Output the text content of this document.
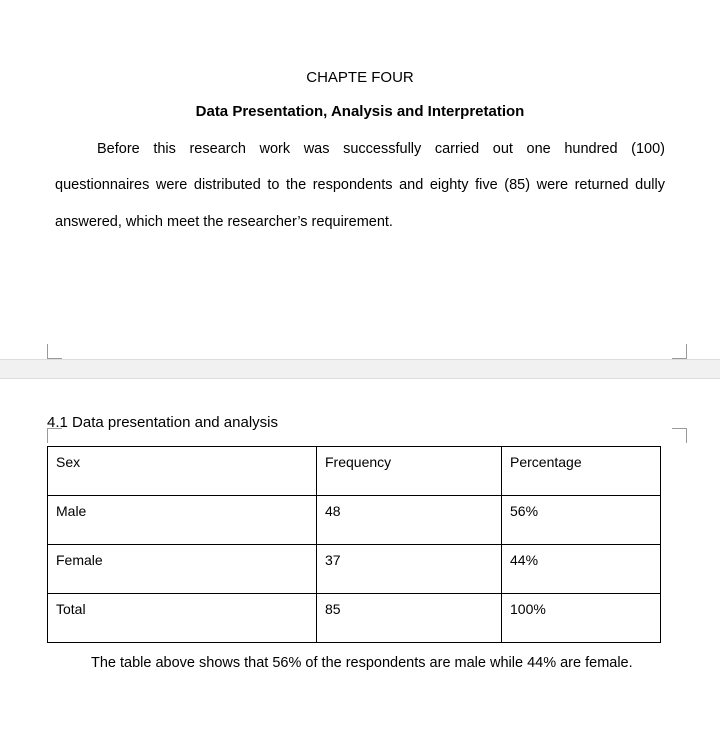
CHAPTE FOUR
Data Presentation, Analysis and Interpretation
Before this research work was successfully carried out one hundred (100) questionnaires were distributed to the respondents and eighty five (85) were returned dully answered, which meet the researcher’s requirement.
4.1 Data presentation and analysis
Sex	Frequency	Percentage
Male	48	56%
Female	37	44%
Total	85	100%
The table above shows that 56% of the respondents are male while 44% are female.
